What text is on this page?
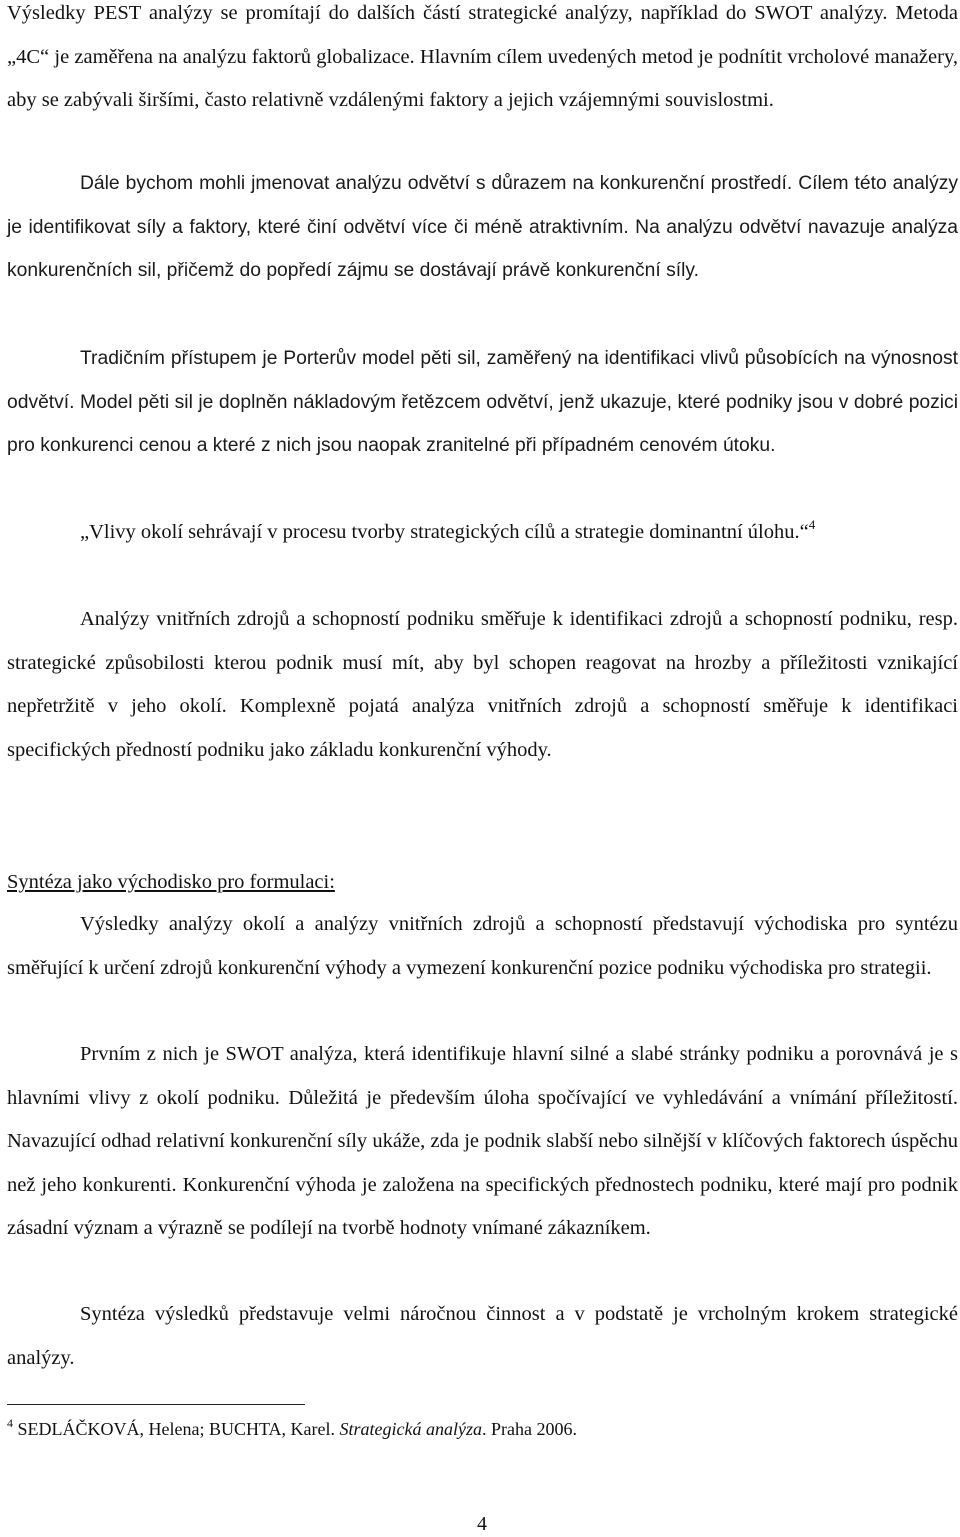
Výsledky PEST analýzy se promítají do dalších částí strategické analýzy, například do SWOT analýzy. Metoda „4C“ je zaměřena na analýzu faktorů globalizace. Hlavním cílem uvedených metod je podnítit vrcholové manažery, aby se zabývali širšími, často relativně vzdálenými faktory a jejich vzájemnými souvislostmi.

Dále bychom mohli jmenovat analýzu odvětví s důrazem na konkurenční prostředí. Cílem této analýzy je identifikovat síly a faktory, které činí odvětví více či méně atraktivním. Na analýzu odvětví navazuje analýza konkurenčních sil, přičemž do popředí zájmu se dostávají právě konkurenční síly.

Tradičním přístupem je Porterův model pěti sil, zaměřený na identifikaci vlivů působících na výnosnost odvětví. Model pěti sil je doplněn nákladovým řetězcem odvětví, jenž ukazuje, které podniky jsou v dobré pozici pro konkurenci cenou a které z nich jsou naopak zranitelné při případném cenovém útoku.

„Vlivy okolí sehrávají v procesu tvorby strategických cílů a strategie dominantní úlohu.“$^4$

Analýzy vnitřních zdrojů a schopností podniku směřuje k identifikaci zdrojů a schopností podniku, resp. strategické způsobilosti kterou podnik musí mít, aby byl schopen reagovat na hrozby a příležitosti vznikající nepřetržitě v jeho okolí. Komplexně pojatá analýza vnitřních zdrojů a schopností směřuje k identifikaci specifických předností podniku jako základu konkurenční výhody.

Syntéza jako východisko pro formulaci:

Výsledky analýzy okolí a analýzy vnitřních zdrojů a schopností představují východiska pro syntézu směřující k určení zdrojů konkurenční výhody a vymezení konkurenční pozice podniku východiska pro strategii.

Prvním z nich je SWOT analýza, která identifikuje hlavní silné a slabé stránky podniku a porovnává je s hlavními vlivy z okolí podniku. Důležitá je především úloha spočívající ve vyhledávání a vnímání příležitostí. Navazující odhad relativní konkurenční síly ukáže, zda je podnik slabší nebo silnější v klíčových faktorech úspěchu než jeho konkurenti. Konkurenční výhoda je založena na specifických přednostech podniku, které mají pro podnik zásadní význam a výrazně se podílejí na tvorbě hodnoty vnímané zákazníkem.

Syntéza výsledků představuje velmi náročnou činnost a v podstatě je vrcholným krokem strategické analýzy.

$^4$ SEDLÁČKOVÁ, Helena; BUCHTA, Karel. Strategická analýza. Praha 2006.
4
